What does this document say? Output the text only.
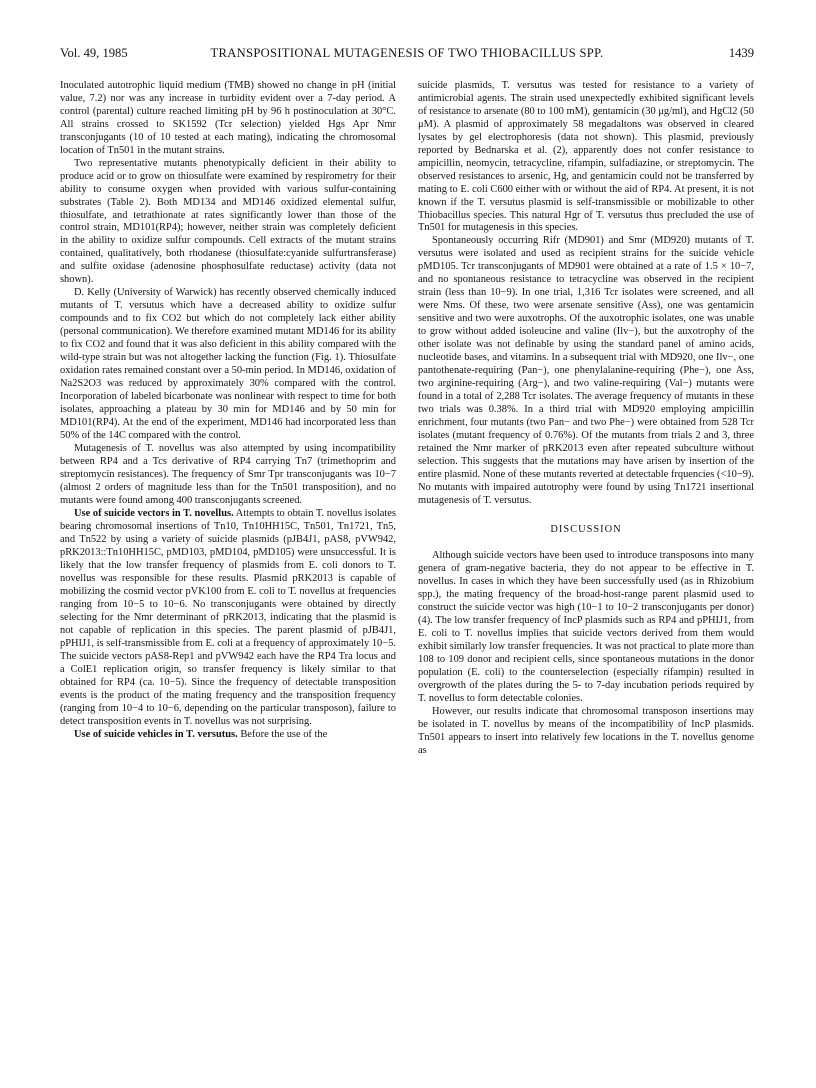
Vol. 49, 1985	TRANSPOSITIONAL MUTAGENESIS OF TWO THIOBACILLUS SPP.	1439

Inoculated autotrophic liquid medium (TMB) showed no change in pH (initial value, 7.2) nor was any increase in turbidity evident over a 7-day period. A control (parental) culture reached limiting pH by 96 h postinoculation at 30°C. All strains crossed to SK1592 (Tcr selection) yielded Hgs Apr Nmr transconjugants (10 of 10 tested at each mating), indicating the chromosomal location of Tn501 in the mutant strains.

Two representative mutants phenotypically deficient in their ability to produce acid or to grow on thiosulfate were examined by respirometry for their ability to consume oxygen when provided with various sulfur-containing substrates (Table 2). Both MD134 and MD146 oxidized elemental sulfur, thiosulfate, and tetrathionate at rates significantly lower than those of the control strain, MD101(RP4); however, neither strain was completely deficient in the ability to oxidize sulfur compounds. Cell extracts of the mutant strains contained, qualitatively, both rhodanese (thiosulfate:cyanide sulfurtransferase) and sulfite oxidase (adenosine phosphosulfate reductase) activity (data not shown).

D. Kelly (University of Warwick) has recently observed chemically induced mutants of T. versutus which have a decreased ability to oxidize sulfur compounds and to fix CO2 but which do not completely lack either ability (personal communication). We therefore examined mutant MD146 for its ability to fix CO2 and found that it was also deficient in this ability compared with the wild-type strain but was not altogether lacking the function (Fig. 1). Thiosulfate oxidation rates remained constant over a 50-min period. In MD146, oxidation of Na2S2O3 was reduced by approximately 30% compared with the control. Incorporation of labeled bicarbonate was nonlinear with respect to time for both isolates, approaching a plateau by 30 min for MD146 and by 50 min for MD101(RP4). At the end of the experiment, MD146 had incorporated less than 50% of the 14C compared with the control.

Mutagenesis of T. novellus was also attempted by using incompatibility between RP4 and a Tcs derivative of RP4 carrying Tn7 (trimethoprim and streptomycin resistances). The frequency of Smr Tpr transconjugants was 10−7 (almost 2 orders of magnitude less than for the Tn501 transposition), and no mutants were found among 400 transconjugants screened.

Use of suicide vectors in T. novellus. Attempts to obtain T. novellus isolates bearing chromosomal insertions of Tn10, Tn10HH15C, Tn501, Tn1721, Tn5, and Tn522 by using a variety of suicide plasmids (pJB4J1, pAS8, pVW942, pRK2013::Tn10HH15C, pMD103, pMD104, pMD105) were unsuccessful. It is likely that the low transfer frequency of plasmids from E. coli donors to T. novellus was responsible for these results. Plasmid pRK2013 is capable of mobilizing the cosmid vector pVK100 from E. coli to T. novellus at frequencies ranging from 10−5 to 10−6. No transconjugants were obtained by directly selecting for the Nmr determinant of pRK2013, indicating that the plasmid is not capable of replication in this species. The parent plasmid of pJB4J1, pPHIJ1, is self-transmissible from E. coli at a frequency of approximately 10−5. The suicide vectors pAS8-Rep1 and pVW942 each have the RP4 Tra locus and a ColE1 replication origin, so transfer frequency is likely similar to that obtained for RP4 (ca. 10−5). Since the frequency of detectable transposition events is the product of the mating frequency and the transposition frequency (ranging from 10−4 to 10−6, depending on the particular transposon), failure to detect transposition events in T. novellus was not surprising.

Use of suicide vehicles in T. versutus. Before the use of the

suicide plasmids, T. versutus was tested for resistance to a variety of antimicrobial agents. The strain used unexpectedly exhibited significant levels of resistance to arsenate (80 to 100 mM), gentamicin (30 μg/ml), and HgCl2 (50 μM). A plasmid of approximately 58 megadaltons was observed in cleared lysates by gel electrophoresis (data not shown). This plasmid, previously reported by Bednarska et al. (2), apparently does not confer resistance to ampicillin, neomycin, tetracycline, rifampin, sulfadiazine, or streptomycin. The observed resistances to arsenic, Hg, and gentamicin could not be transferred by mating to E. coli C600 either with or without the aid of RP4. At present, it is not known if the T. versutus plasmid is self-transmissible or mobilizable to other Thiobacillus species. This natural Hgr of T. versutus thus precluded the use of Tn501 for mutagenesis in this species.

Spontaneously occurring Rifr (MD901) and Smr (MD920) mutants of T. versutus were isolated and used as recipient strains for the suicide vehicle pMD105. Tcr transconjugants of MD901 were obtained at a rate of 1.5 × 10−7, and no spontaneous resistance to tetracycline was observed in the recipient strain (less than 10−9). In one trial, 1,316 Tcr isolates were screened, and all were Nms. Of these, two were arsenate sensitive (Ass), one was gentamicin sensitive and two were auxotrophs. Of the auxotrophic isolates, one was unable to grow without added isoleucine and valine (Ilv−), but the auxotrophy of the other isolate was not definable by using the standard panel of amino acids, nucleotide bases, and vitamins. In a subsequent trial with MD920, one Ilv−, one pantothenate-requiring (Pan−), one phenylalanine-requiring (Phe−), one Ass, two arginine-requiring (Arg−), and two valine-requiring (Val−) mutants were found in a total of 2,288 Tcr isolates. The average frequency of mutants in these two trials was 0.38%. In a third trial with MD920 employing ampicillin enrichment, four mutants (two Pan− and two Phe−) were obtained from 528 Tcr isolates (mutant frequency of 0.76%). Of the mutants from trials 2 and 3, three retained the Nmr marker of pRK2013 even after repeated subculture without selection. This suggests that the mutations may have arisen by insertion of the entire plasmid. None of these mutants reverted at detectable frquencies (<10−9). No mutants with impaired autotrophy were found by using Tn1721 insertional mutagenesis of T. versutus.

DISCUSSION

Although suicide vectors have been used to introduce transposons into many genera of gram-negative bacteria, they do not appear to be effective in T. novellus. In cases in which they have been successfully used (as in Rhizobium spp.), the mating frequency of the broad-host-range parent plasmid used to construct the suicide vector was high (10−1 to 10−2 transconjugants per donor) (4). The low transfer frequency of IncP plasmids such as RP4 and pPHIJ1, from E. coli to T. novellus implies that suicide vectors derived from them would exhibit similarly low transfer frequencies. It was not practical to plate more than 108 to 109 donor and recipient cells, since spontaneous mutations in the donor population (E. coli) to the counterselection (especially rifampin) resulted in overgrowth of the plates during the 5- to 7-day incubation periods required by T. novellus to form detectable colonies.

However, our results indicate that chromosomal transposon insertions may be isolated in T. novellus by means of the incompatibility of IncP plasmids. Tn501 appears to insert into relatively few locations in the T. novellus genome as
